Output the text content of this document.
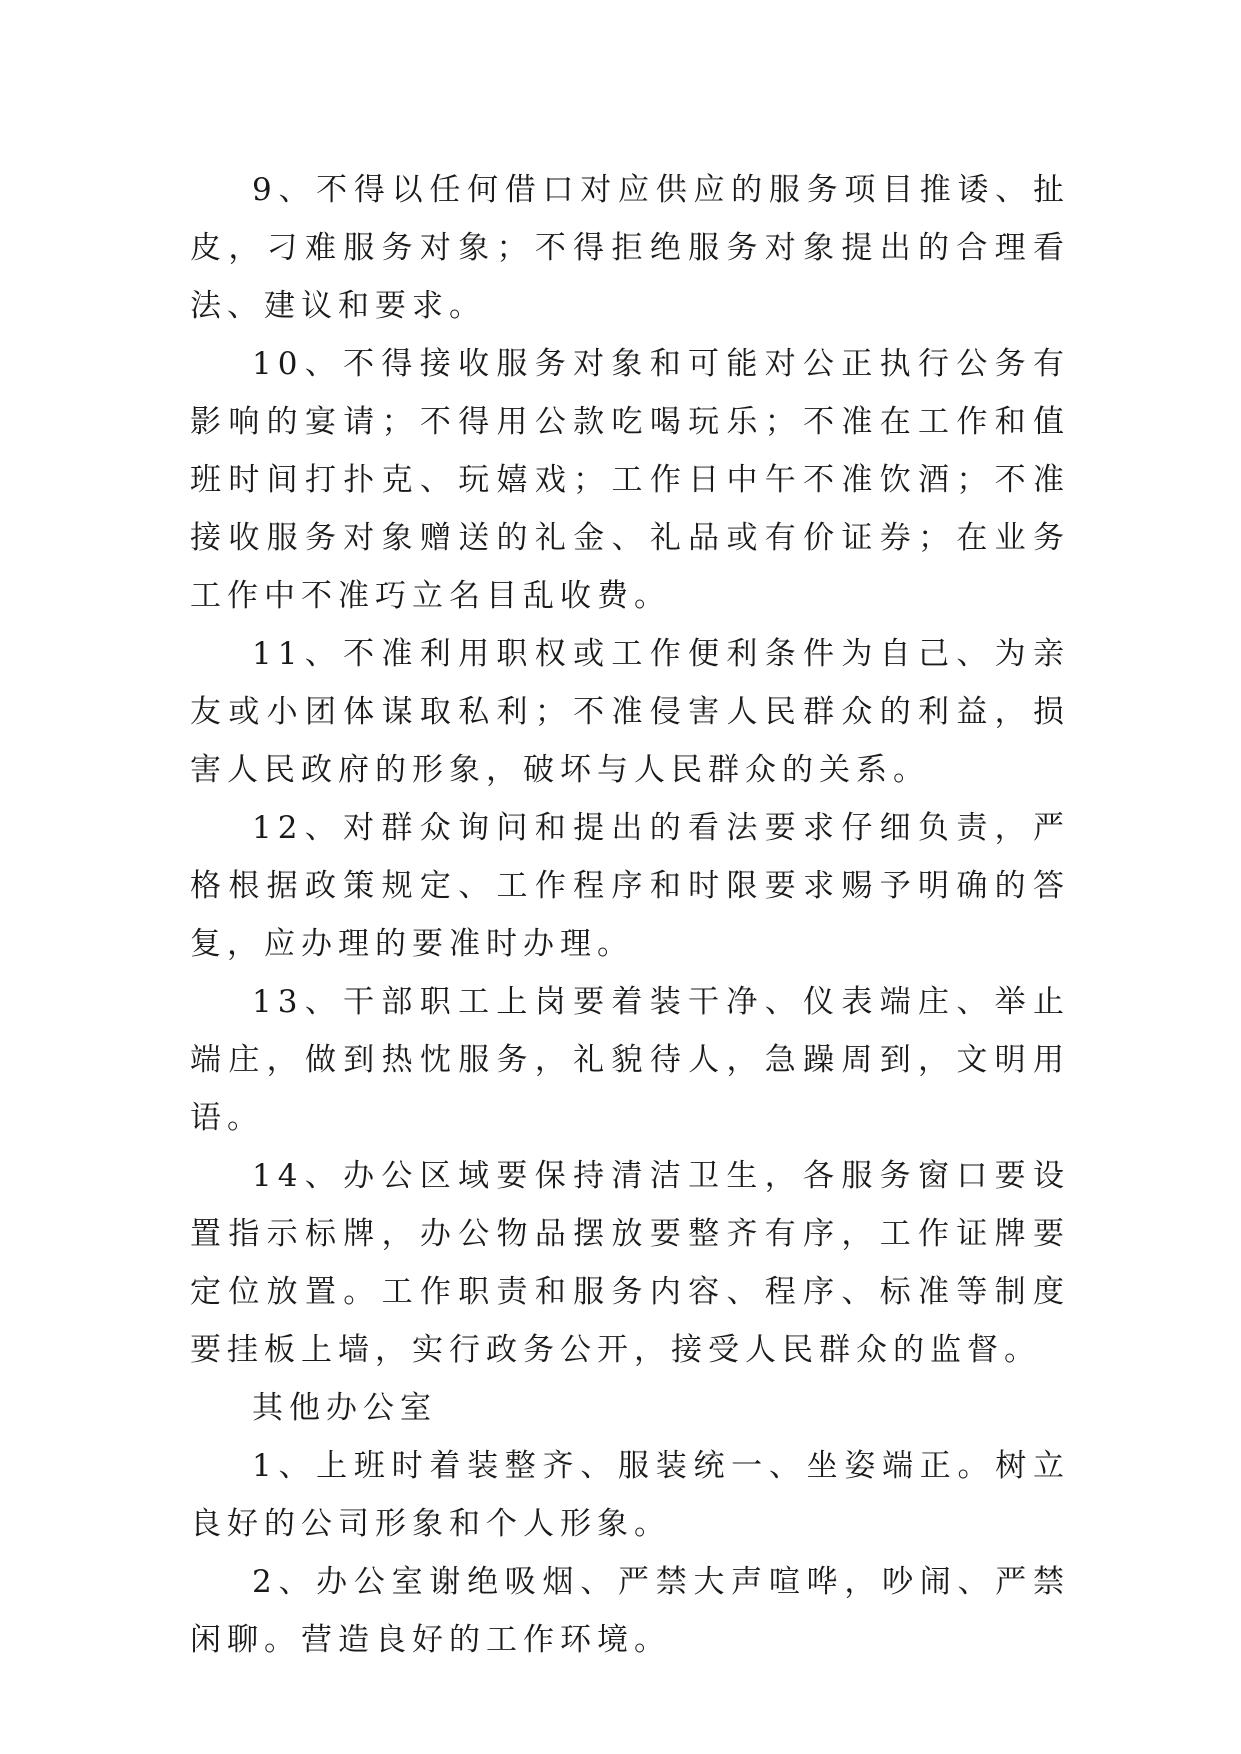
9、不得以任何借口对应供应的服务项目推诿、扯皮，刁难服务对象；不得拒绝服务对象提出的合理看法、建议和要求。

10、不得接收服务对象和可能对公正执行公务有影响的宴请；不得用公款吃喝玩乐；不准在工作和值班时间打扑克、玩嬉戏；工作日中午不准饮酒；不准接收服务对象赠送的礼金、礼品或有价证券；在业务工作中不准巧立名目乱收费。

11、不准利用职权或工作便利条件为自己、为亲友或小团体谋取私利；不准侵害人民群众的利益，损害人民政府的形象，破坏与人民群众的关系。

12、对群众询问和提出的看法要求仔细负责，严格根据政策规定、工作程序和时限要求赐予明确的答复，应办理的要准时办理。

13、干部职工上岗要着装干净、仪表端庄、举止端庄，做到热忱服务，礼貌待人，急躁周到，文明用语。

14、办公区域要保持清洁卫生，各服务窗口要设置指示标牌，办公物品摆放要整齐有序，工作证牌要定位放置。工作职责和服务内容、程序、标准等制度要挂板上墙，实行政务公开，接受人民群众的监督。

其他办公室

1、上班时着装整齐、服装统一、坐姿端正。树立良好的公司形象和个人形象。

2、办公室谢绝吸烟、严禁大声喧哗，吵闹、严禁闲聊。营造良好的工作环境。
